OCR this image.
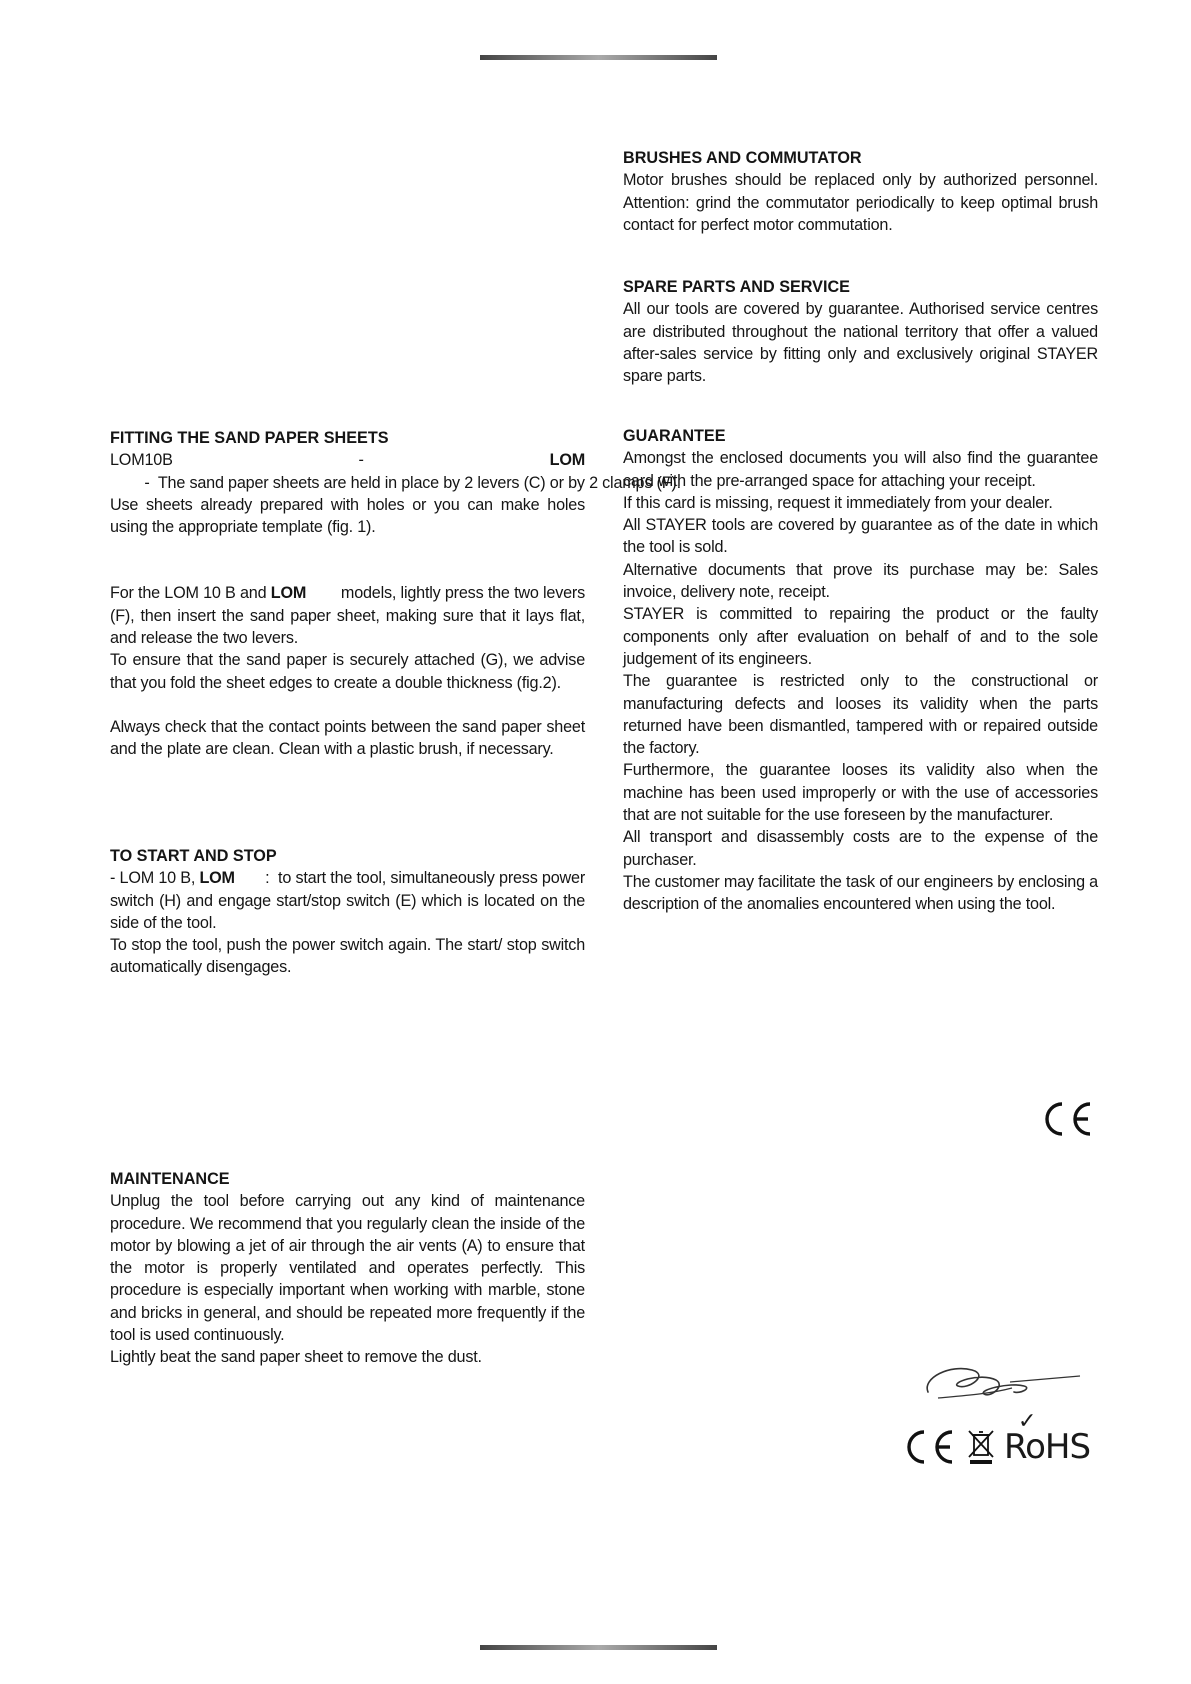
FITTING THE SAND PAPER SHEETS

LOM10B - LOM        -  The sand paper sheets are held in place by 2 levers (C) or by 2 clamps (F).

Use sheets already prepared with holes or you can make holes using the appropriate template (fig. 1).

For the LOM 10 B and LOM        models, lightly press the two levers (F), then insert the sand paper sheet, making sure that it lays flat, and release the two levers.

To ensure that the sand paper is securely attached (G), we advise that you fold the sheet edges to create a double thickness (fig.2).

Always check that the contact points between the sand paper sheet and the plate are clean. Clean with a plastic brush, if necessary.

TO START AND STOP

- LOM 10 B, LOM       :  to start the tool, simultaneously press power switch (H) and engage start/stop switch (E) which is located on the side of the tool.

To stop the tool, push the power switch again. The start/ stop switch automatically disengages.

MAINTENANCE

Unplug the tool before carrying out any kind of maintenance procedure. We recommend that you regularly clean the inside of the motor by blowing a jet of air through the air vents (A) to ensure that the motor is properly ventilated and operates perfectly. This procedure is especially important when working with marble, stone and bricks in general, and should be repeated more frequently if the tool is used continuously.

Lightly beat the sand paper sheet to remove the dust.

BRUSHES AND COMMUTATOR

Motor brushes should be replaced only by authorized personnel. Attention: grind the commutator periodically to keep optimal brush contact for perfect motor commutation.

SPARE PARTS AND SERVICE

All our tools are covered by guarantee. Authorised service centres are distributed throughout the national territory that offer a valued after-sales service by fitting only and exclusively original STAYER spare parts.

GUARANTEE

Amongst the enclosed documents you will also find the guarantee card with the pre-arranged space for attaching your receipt.

If this card is missing, request it immediately from your dealer.

All STAYER tools are covered by guarantee as of the date in which the tool is sold.

Alternative documents that prove its purchase may be: Sales invoice, delivery note, receipt.

STAYER is committed to repairing the product or the faulty components only after evaluation on behalf of and to the sole judgement of its engineers.

The guarantee is restricted only to the constructional or manufacturing defects and looses its validity when the parts returned have been dismantled, tampered with or repaired outside the factory.

Furthermore, the guarantee looses its validity also when the machine has been used improperly or with the use of accessories that are not suitable for the use foreseen by the manufacturer.

All transport and disassembly costs are to the expense of the purchaser.

The customer may facilitate the task of our engineers by enclosing a description of the anomalies encountered when using the tool.

✓
RoHS
